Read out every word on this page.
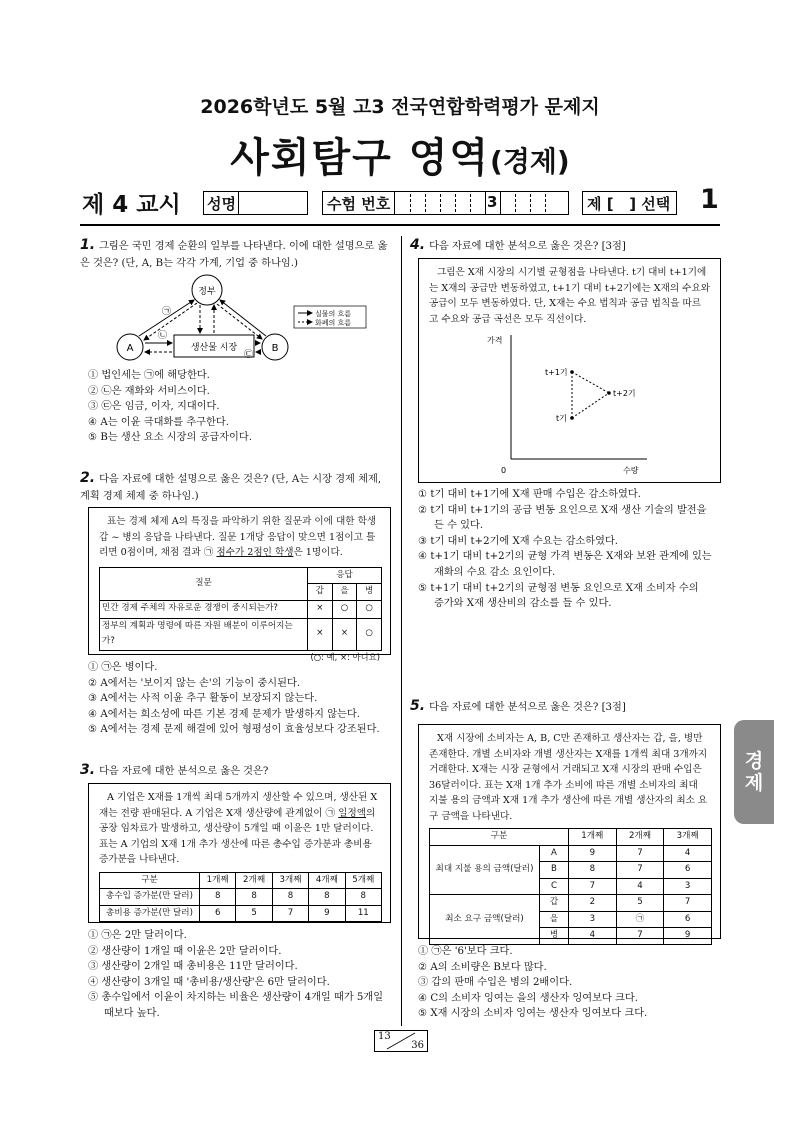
2026학년도 5월 고3 전국연합학력평가 문제지
사회탐구 영역(경제)
제 4 교시 성명	수험 번호	3	제 [   ] 선택 1
1. 그림은 국민 경제 순환의 일부를 나타낸다. 이에 대한 설명으로 옳은 것은? (단, A, B는 각각 가계, 기업 중 하나임.)
정부
생산물 시장
A	B
㉠
㉡
㉢
실물의 흐름
화폐의 흐름
① 법인세는 ㉠에 해당한다.
② ㉡은 재화와 서비스이다.
③ ㉢은 임금, 이자, 지대이다.
④ A는 이윤 극대화를 추구한다.
⑤ B는 생산 요소 시장의 공급자이다.
2. 다음 자료에 대한 설명으로 옳은 것은? (단, A는 시장 경제 체제, 계획 경제 체제 중 하나임.)
표는 경제 체제 A의 특징을 파악하기 위한 질문과 이에 대한 학생 갑 ~ 병의 응답을 나타낸다. 질문 1개당 응답이 맞으면 1점이고 틀리면 0점이며, 채점 결과 ㉠ 점수가 2점인 학생은 1명이다.
질문	응답		
	갑	을	병
민간 경제 주체의 자유로운 경쟁이 중시되는가?	×	○	○
정부의 계획과 명령에 따른 자원 배분이 이루어지는가?	×	×	○
(○: 예, ×: 아니요)
① ㉠은 병이다.
② A에서는 '보이지 않는 손'의 기능이 중시된다.
③ A에서는 사적 이윤 추구 활동이 보장되지 않는다.
④ A에서는 희소성에 따른 기본 경제 문제가 발생하지 않는다.
⑤ A에서는 경제 문제 해결에 있어 형평성이 효율성보다 강조된다.
3. 다음 자료에 대한 분석으로 옳은 것은?
A 기업은 X재를 1개씩 최대 5개까지 생산할 수 있으며, 생산된 X재는 전량 판매된다. A 기업은 X재 생산량에 관계없이 ㉠ 일정액의 공장 임차료가 발생하고, 생산량이 5개일 때 이윤은 1만 달러이다. 표는 A 기업의 X재 1개 추가 생산에 따른 총수입 증가분과 총비용 증가분을 나타낸다.
구분	1개째	2개째	3개째	4개째	5개째
총수입 증가분(만 달러)	8	8	8	8	8
총비용 증가분(만 달러)	6	5	7	9	11
① ㉠은 2만 달러이다.
② 생산량이 1개일 때 이윤은 2만 달러이다.
③ 생산량이 2개일 때 총비용은 11만 달러이다.
④ 생산량이 3개일 때 '총비용/생산량'은 6만 달러이다.
⑤ 총수입에서 이윤이 차지하는 비율은 생산량이 4개일 때가 5개일
때보다 높다.
4. 다음 자료에 대한 분석으로 옳은 것은? [3점]
그림은 X재 시장의 시기별 균형점을 나타낸다. t기 대비 t+1기에는 X재의 공급만 변동하였고, t+1기 대비 t+2기에는 X재의 수요와 공급이 모두 변동하였다. 단, X재는 수요 법칙과 공급 법칙을 따르고 수요와 공급 곡선은 모두 직선이다.
가격
수량
0
t+1기
t+2기
t기
① t기 대비 t+1기에 X재 판매 수입은 감소하였다.
② t기 대비 t+1기의 공급 변동 요인으로 X재 생산 기술의 발전을
든 수 있다.
③ t기 대비 t+2기에 X재 수요는 감소하였다.
④ t+1기 대비 t+2기의 균형 가격 변동은 X재와 보완 관계에 있는
재화의 수요 감소 요인이다.
⑤ t+1기 대비 t+2기의 균형점 변동 요인으로 X재 소비자 수의
증가와 X재 생산비의 감소를 들 수 있다.
5. 다음 자료에 대한 분석으로 옳은 것은? [3점]
X재 시장에 소비자는 A, B, C만 존재하고 생산자는 갑, 을, 병만 존재한다. 개별 소비자와 개별 생산자는 X재를 1개씩 최대 3개까지 거래한다. X재는 시장 균형에서 거래되고 X재 시장의 판매 수입은 36달러이다. 표는 X재 1개 추가 소비에 따른 개별 소비자의 최대 지불 용의 금액과 X재 1개 추가 생산에 따른 개별 생산자의 최소 요구 금액을 나타낸다.
구분		1개째	2개째	3개째
최대 지불 용의 금액(달러)	A	9	7	4
	B	8	7	6
	C	7	4	3
최소 요구 금액(달러)	갑	2	5	7
	을	3	㉠	6
	병	4	7	9
① ㉠은 '6'보다 크다.
② A의 소비량은 B보다 많다.
③ 갑의 판매 수입은 병의 2배이다.
④ C의 소비자 잉여는 을의 생산자 잉여보다 크다.
⑤ X재 시장의 소비자 잉여는 생산자 잉여보다 크다.
경
제
13
36
